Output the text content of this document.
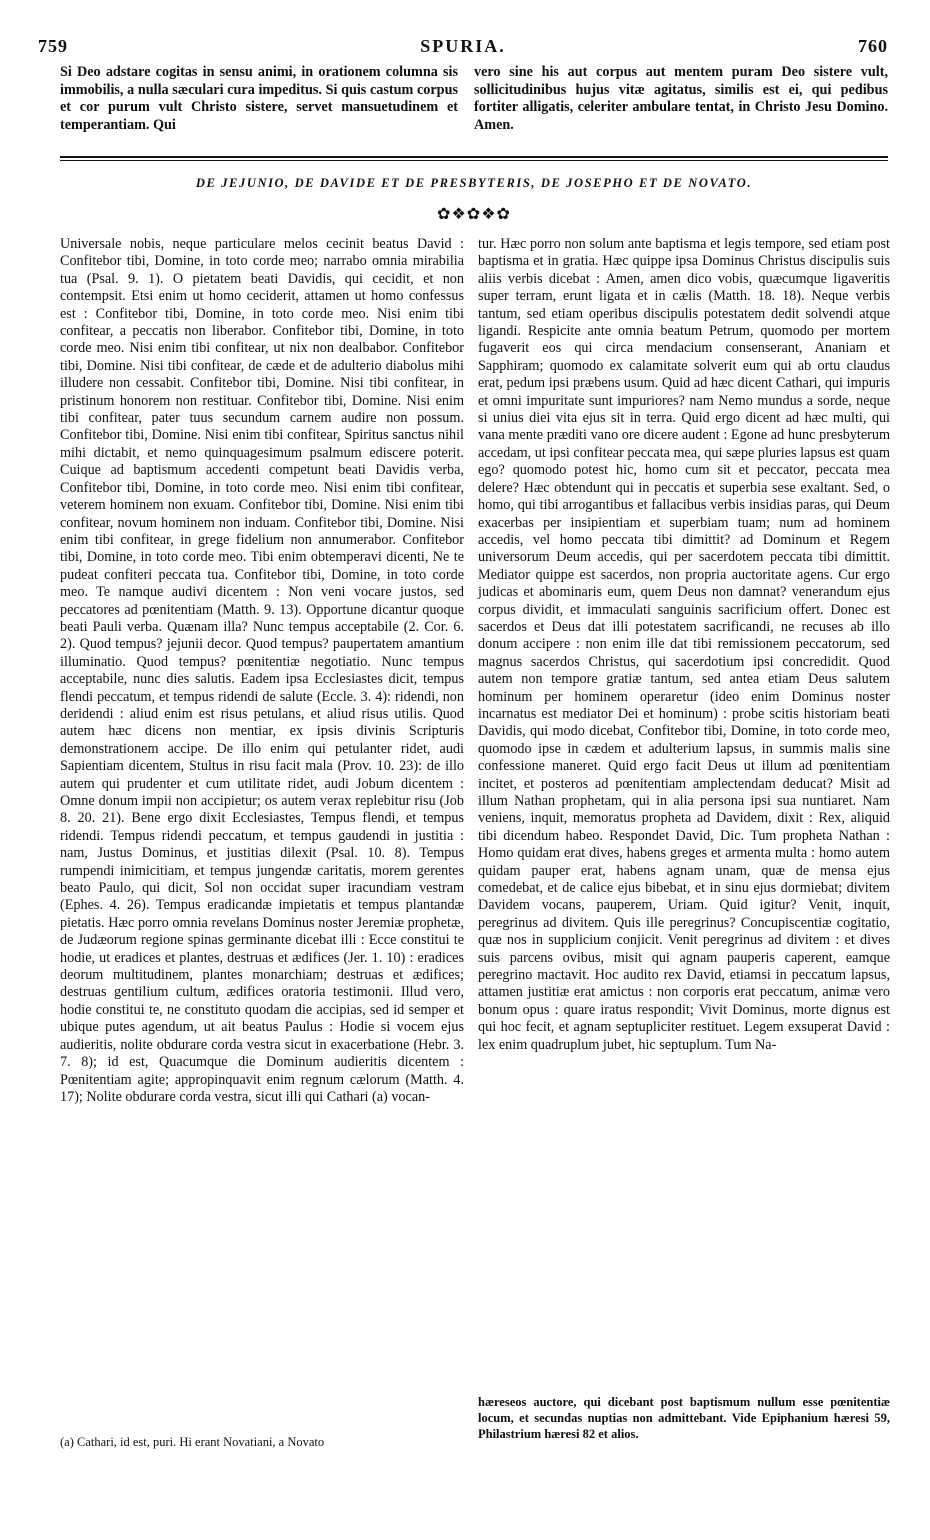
759	SPURIA.	760

Si Deo adstare cogitas in sensu animi, in orationem columna sis immobilis, a nulla sæculari cura impeditus. Si quis castum corpus et cor purum vult Christo sistere, servet mansuetudinem et temperantiam. Qui

vero sine his aut corpus aut mentem puram Deo sistere vult, sollicitudinibus hujus vitæ agitatus, similis est ei, qui pedibus fortiter alligatis, celeriter ambulare tentat, in Christo Jesu Domino. Amen.

DE JEJUNIO, DE DAVIDE ET DE PRESBYTERIS, DE JOSEPHO ET DE NOVATO.
✿❖✿❖✿

Universale nobis, neque particulare melos cecinit beatus David : Confitebor tibi, Domine, in toto corde meo; narrabo omnia mirabilia tua (Psal. 9. 1). O pietatem beati Davidis, qui cecidit, et non contempsit. Etsi enim ut homo ceciderit, attamen ut homo confessus est : Confitebor tibi, Domine, in toto corde meo. Nisi enim tibi confitear, a peccatis non liberabor. Confitebor tibi, Domine, in toto corde meo. Nisi enim tibi confitear, ut nix non dealbabor. Confitebor tibi, Domine. Nisi tibi confitear, de cæde et de adulterio diabolus mihi illudere non cessabit. Confitebor tibi, Domine. Nisi tibi confitear, in pristinum honorem non restituar. Confitebor tibi, Domine. Nisi enim tibi confitear, pater tuus secundum carnem audire non possum. Confitebor tibi, Domine. Nisi enim tibi confitear, Spiritus sanctus nihil mihi dictabit, et nemo quinquagesimum psalmum ediscere poterit. Cuique ad baptismum accedenti competunt beati Davidis verba, Confitebor tibi, Domine, in toto corde meo. Nisi enim tibi confitear, veterem hominem non exuam. Confitebor tibi, Domine. Nisi enim tibi confitear, novum hominem non induam. Confitebor tibi, Domine. Nisi enim tibi confitear, in grege fidelium non annumerabor. Confitebor tibi, Domine, in toto corde meo. Tibi enim obtemperavi dicenti, Ne te pudeat confiteri peccata tua. Confitebor tibi, Domine, in toto corde meo. Te namque audivi dicentem : Non veni vocare justos, sed peccatores ad pœnitentiam (Matth. 9. 13). Opportune dicantur quoque beati Pauli verba. Quænam illa? Nunc tempus acceptabile (2. Cor. 6. 2). Quod tempus? jejunii decor. Quod tempus? paupertatem amantium illuminatio. Quod tempus? pœnitentiæ negotiatio. Nunc tempus acceptabile, nunc dies salutis. Eadem ipsa Ecclesiastes dicit, tempus flendi peccatum, et tempus ridendi de salute (Eccle. 3. 4): ridendi, non deridendi : aliud enim est risus petulans, et aliud risus utilis. Quod autem hæc dicens non mentiar, ex ipsis divinis Scripturis demonstrationem accipe. De illo enim qui petulanter ridet, audi Sapientiam dicentem, Stultus in risu facit mala (Prov. 10. 23): de illo autem qui prudenter et cum utilitate ridet, audi Jobum dicentem : Omne donum impii non accipietur; os autem verax replebitur risu (Job 8. 20. 21). Bene ergo dixit Ecclesiastes, Tempus flendi, et tempus ridendi. Tempus ridendi peccatum, et tempus gaudendi in justitia : nam, Justus Dominus, et justitias dilexit (Psal. 10. 8). Tempus rumpendi inimicitiam, et tempus jungendæ caritatis, morem gerentes beato Paulo, qui dicit, Sol non occidat super iracundiam vestram (Ephes. 4. 26). Tempus eradicandæ impietatis et tempus plantandæ pietatis. Hæc porro omnia revelans Dominus noster Jeremiæ prophetæ, de Judæorum regione spinas germinante dicebat illi : Ecce constitui te hodie, ut eradices et plantes, destruas et ædifices (Jer. 1. 10) : eradices deorum multitudinem, plantes monarchiam; destruas et ædifices; destruas gentilium cultum, ædifices oratoria testimonii. Illud vero, hodie constitui te, ne constituto quodam die accipias, sed id semper et ubique putes agendum, ut ait beatus Paulus : Hodie si vocem ejus audieritis, nolite obdurare corda vestra sicut in exacerbatione (Hebr. 3. 7. 8); id est, Quacumque die Dominum audieritis dicentem : Pœnitentiam agite; appropinquavit enim regnum cælorum (Matth. 4. 17); Nolite obdurare corda vestra, sicut illi qui Cathari (a) vocan-

tur. Hæc porro non solum ante baptisma et legis tempore, sed etiam post baptisma et in gratia. Hæc quippe ipsa Dominus Christus discipulis suis aliis verbis dicebat : Amen, amen dico vobis, quæcumque ligaveritis super terram, erunt ligata et in cælis (Matth. 18. 18). Neque verbis tantum, sed etiam operibus discipulis potestatem dedit solvendi atque ligandi. Respicite ante omnia beatum Petrum, quomodo per mortem fugaverit eos qui circa mendacium consenserant, Ananiam et Sapphiram; quomodo ex calamitate solverit eum qui ab ortu claudus erat, pedum ipsi præbens usum. Quid ad hæc dicent Cathari, qui impuris et omni impuritate sunt impuriores? nam Nemo mundus a sorde, neque si unius diei vita ejus sit in terra. Quid ergo dicent ad hæc multi, qui vana mente præditi vano ore dicere audent : Egone ad hunc presbyterum accedam, ut ipsi confitear peccata mea, qui sæpe pluries lapsus est quam ego? quomodo potest hic, homo cum sit et peccator, peccata mea delere? Hæc obtendunt qui in peccatis et superbia sese exaltant. Sed, o homo, qui tibi arrogantibus et fallacibus verbis insidias paras, qui Deum exacerbas per insipientiam et superbiam tuam; num ad hominem accedis, vel homo peccata tibi dimittit? ad Dominum et Regem universorum Deum accedis, qui per sacerdotem peccata tibi dimittit. Mediator quippe est sacerdos, non propria auctoritate agens. Cur ergo judicas et abominaris eum, quem Deus non damnat? venerandum ejus corpus dividit, et immaculati sanguinis sacrificium offert. Donec est sacerdos et Deus dat illi potestatem sacrificandi, ne recuses ab illo donum accipere : non enim ille dat tibi remissionem peccatorum, sed magnus sacerdos Christus, qui sacerdotium ipsi concredidit. Quod autem non tempore gratiæ tantum, sed antea etiam Deus salutem hominum per hominem operaretur (ideo enim Dominus noster incarnatus est mediator Dei et hominum) : probe scitis historiam beati Davidis, qui modo dicebat, Confitebor tibi, Domine, in toto corde meo, quomodo ipse in cædem et adulterium lapsus, in summis malis sine confessione maneret. Quid ergo facit Deus ut illum ad pœnitentiam incitet, et posteros ad pœnitentiam amplectendam deducat? Misit ad illum Nathan prophetam, qui in alia persona ipsi sua nuntiaret. Nam veniens, inquit, memoratus propheta ad Davidem, dixit : Rex, aliquid tibi dicendum habeo. Respondet David, Dic. Tum propheta Nathan : Homo quidam erat dives, habens greges et armenta multa : homo autem quidam pauper erat, habens agnam unam, quæ de mensa ejus comedebat, et de calice ejus bibebat, et in sinu ejus dormiebat; divitem Davidem vocans, pauperem, Uriam. Quid igitur? Venit, inquit, peregrinus ad divitem. Quis ille peregrinus? Concupiscentiæ cogitatio, quæ nos in supplicium conjicit. Venit peregrinus ad divitem : et dives suis parcens ovibus, misit qui agnam pauperis caperent, eamque peregrino mactavit. Hoc audito rex David, etiamsi in peccatum lapsus, attamen justitiæ erat amictus : non corporis erat peccatum, animæ vero bonum opus : quare iratus respondit; Vivit Dominus, morte dignus est qui hoc fecit, et agnam septupliciter restituet. Legem exsuperat David : lex enim quadruplum jubet, hic septuplum. Tum Na-

(a) Cathari, id est, puri. Hi erant Novatiani, a Novato
hæreseos auctore, qui dicebant post baptismum nullum esse pœnitentiæ locum, et secundas nuptias non admittebant. Vide Epiphanium hæresi 59, Philastrium hæresi 82 et alios.
